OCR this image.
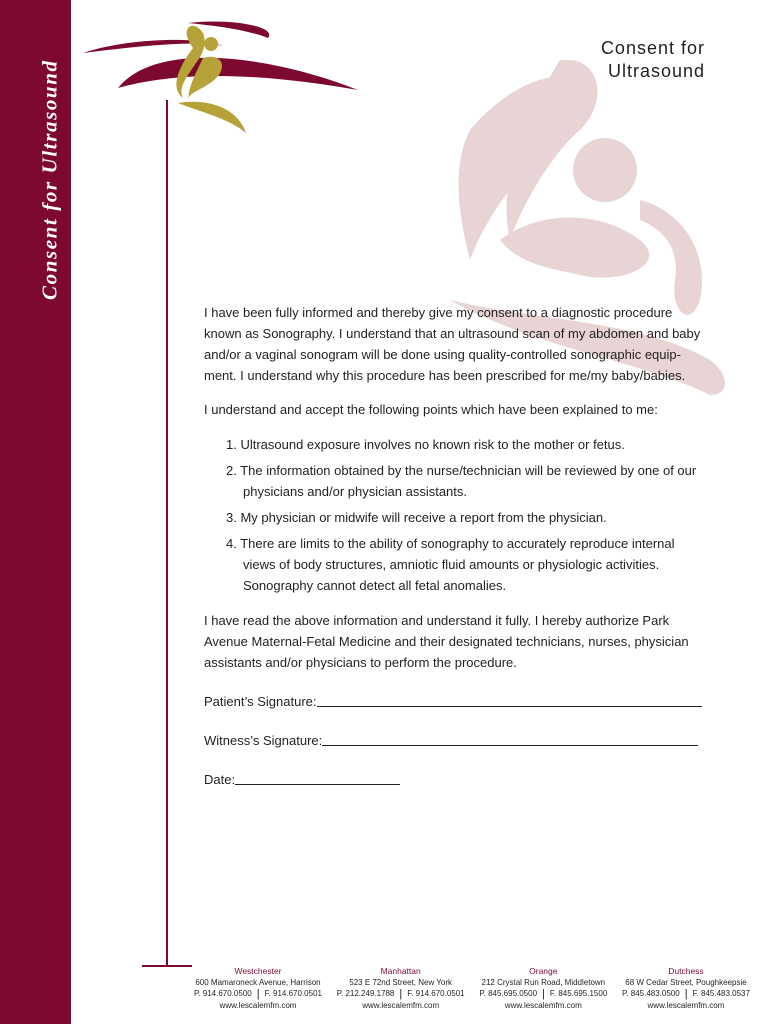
Consent for Ultrasound
Consent for
Ultrasound

I have been fully informed and thereby give my consent to a diagnostic procedure known as Sonography. I understand that an ultrasound scan of my abdomen and baby and/or a vaginal sonogram will be done using quality-controlled sonographic equip-ment. I understand why this procedure has been prescribed for me/my baby/babies.

I understand and accept the following points which have been explained to me:

1. Ultrasound exposure involves no known risk to the mother or fetus.
2. The information obtained by the nurse/technician will be reviewed by one of our physicians and/or physician assistants.
3. My physician or midwife will receive a report from the physician.
4. There are limits to the ability of sonography to accurately reproduce internal views of body structures, amniotic fluid amounts or physiologic activities. Sonography cannot detect all fetal anomalies.

I have read the above information and understand it fully. I hereby authorize Park Avenue Maternal-Fetal Medicine and their designated technicians, nurses, physician assistants and/or physicians to perform the procedure.

Patient’s Signature:
Witness’s Signature:
Date:
Westchester
600 Mamaroneck Avenue, Harrison
P. 914.670.0500 | F. 914.670.0501
www.lescalemfm.com
Manhattan
523 E 72nd Street, New York
P. 212.249.1788 | F. 914.670.0501
www.lescalemfm.com
Orange
212 Crystal Run Road, Middletown
P. 845.695.0500 | F. 845.695.1500
www.lescalemfm.com
Dutchess
68 W Cedar Street, Poughkeepsie
P. 845.483.0500 | F. 845.483.0537
www.lescalemfm.com
